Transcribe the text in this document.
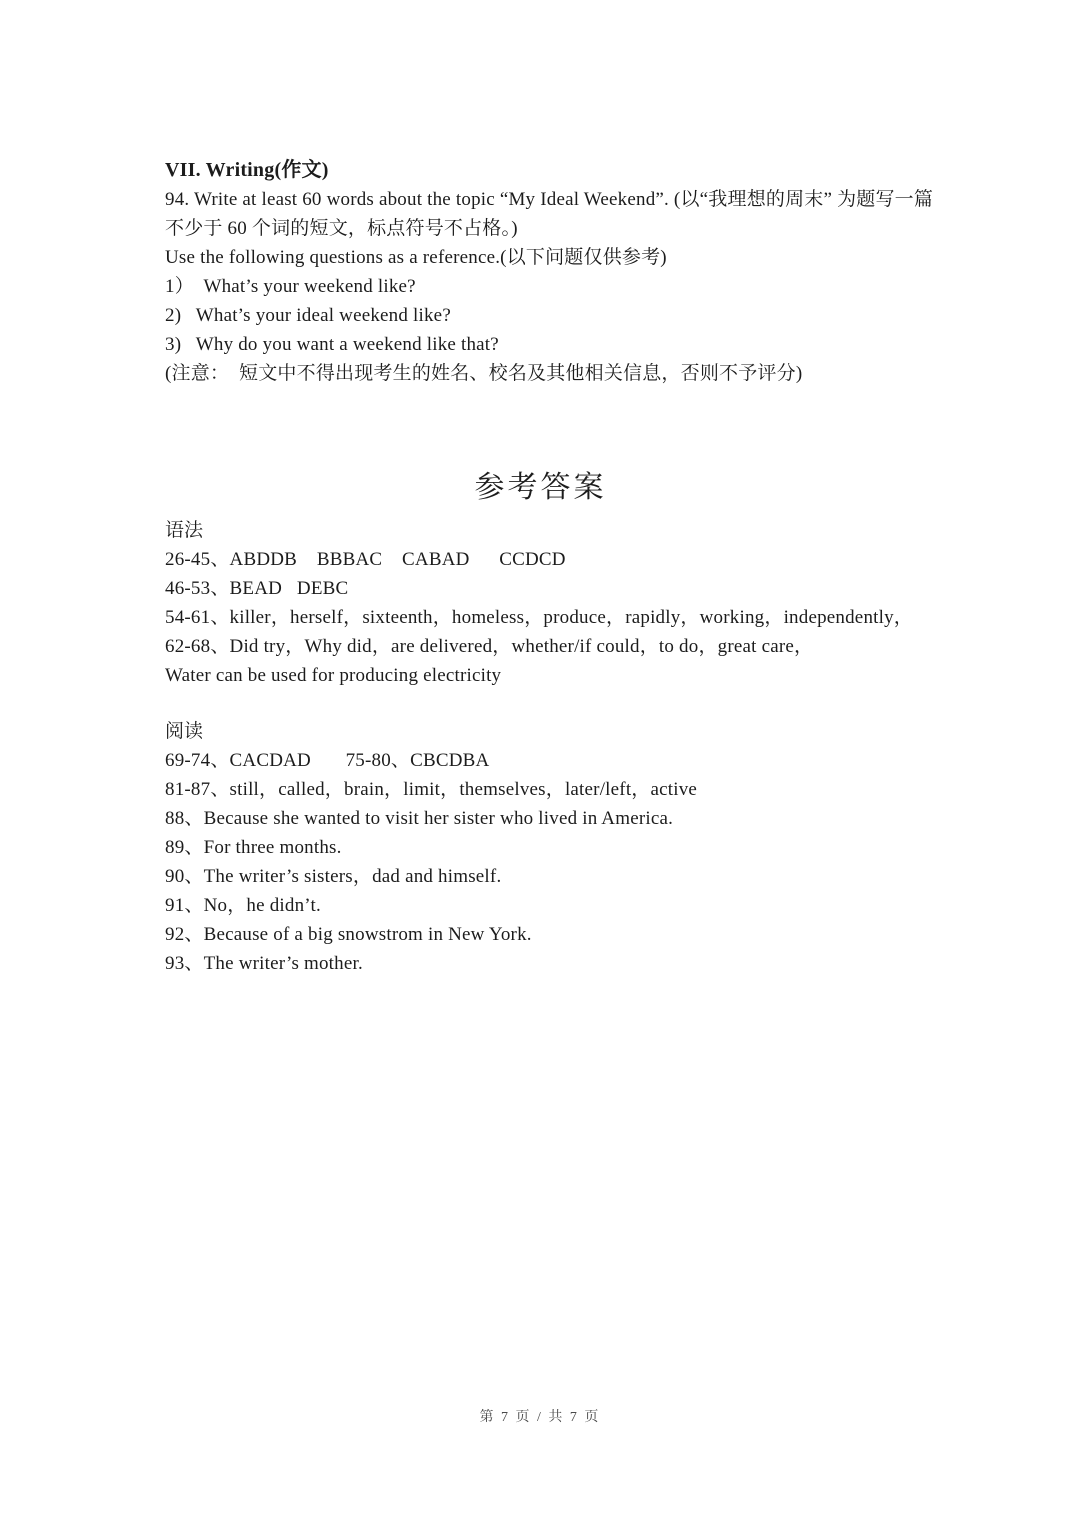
VII. Writing(作文)

94. Write at least 60 words about the topic “My Ideal Weekend”. (以“我理想的周末” 为题写一篇

不少于 60 个词的短文，标点符号不占格。)

Use the following questions as a reference.(以下问题仅供参考)

1）  What’s your weekend like?

2)   What’s your ideal weekend like?

3)   Why do you want a weekend like that?

(注意：  短文中不得出现考生的姓名、校名及其他相关信息，否则不予评分)

参考答案

语法

26-45、ABDDB    BBBAC    CABAD      CCDCD

46-53、BEAD   DEBC

54-61、killer，herself，sixteenth，homeless，produce，rapidly，working，independently，

62-68、Did try，Why did，are delivered，whether/if could，to do，great care，

Water can be used for producing electricity

阅读

69-74、CACDAD       75-80、CBCDBA

81-87、still，called，brain，limit，themselves，later/left，active

88、Because she wanted to visit her sister who lived in America.

89、For three months.

90、The writer’s sisters，dad and himself.

91、No，he didn’t.

92、Because of a big snowstrom in New York.

93、The writer’s mother.

第 7 页 / 共 7 页
